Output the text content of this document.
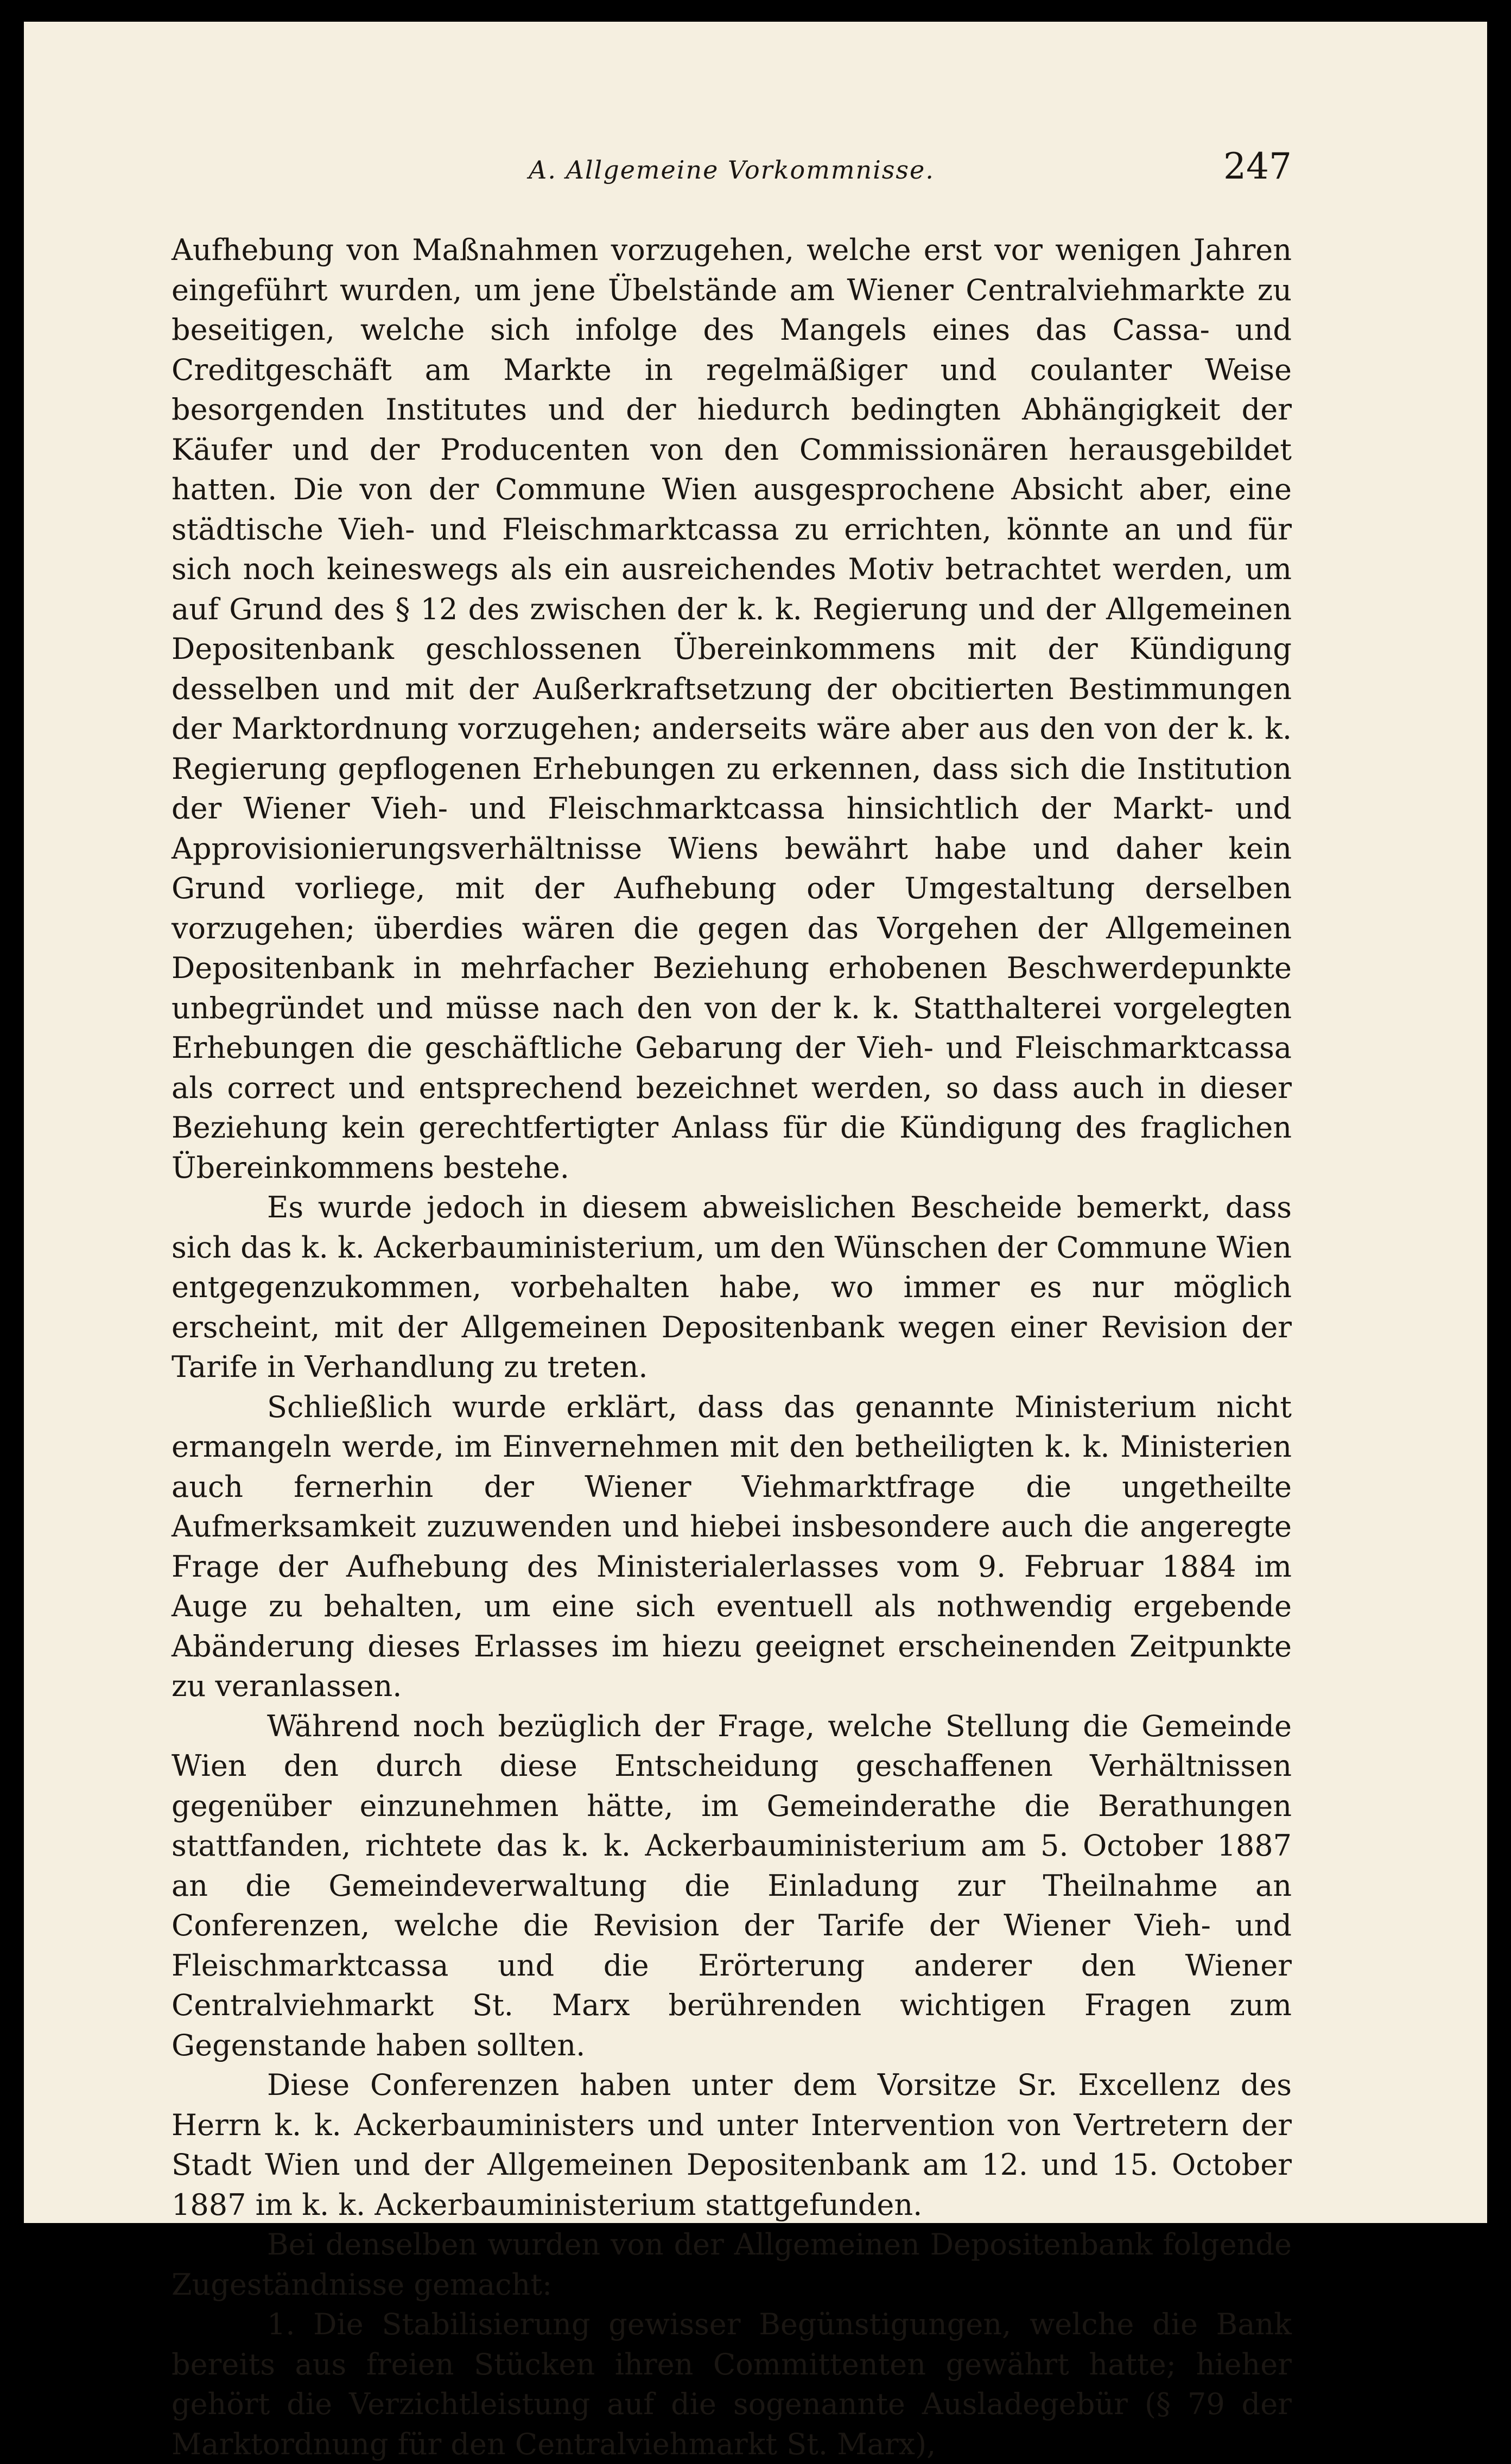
A. Allgemeine Vorkommnisse.	247

Aufhebung von Maßnahmen vorzugehen, welche erst vor wenigen Jahren eingeführt wurden, um jene Übelstände am Wiener Centralviehmarkte zu beseitigen, welche sich infolge des Mangels eines das Cassa- und Creditgeschäft am Markte in regelmäßiger und coulanter Weise besorgenden Institutes und der hiedurch bedingten Abhängigkeit der Käufer und der Producenten von den Commissionären herausgebildet hatten. Die von der Commune Wien ausgesprochene Absicht aber, eine städtische Vieh- und Fleischmarktcassa zu errichten, könnte an und für sich noch keineswegs als ein ausreichendes Motiv betrachtet werden, um auf Grund des § 12 des zwischen der k. k. Regierung und der Allgemeinen Depositenbank geschlossenen Übereinkommens mit der Kündigung desselben und mit der Außerkraftsetzung der obcitierten Bestimmungen der Marktordnung vorzugehen; anderseits wäre aber aus den von der k. k. Regierung gepflogenen Erhebungen zu erkennen, dass sich die Institution der Wiener Vieh- und Fleischmarktcassa hinsichtlich der Markt- und Approvisionierungsverhältnisse Wiens bewährt habe und daher kein Grund vorliege, mit der Aufhebung oder Umgestaltung derselben vorzugehen; überdies wären die gegen das Vorgehen der Allgemeinen Depositenbank in mehrfacher Beziehung erhobenen Beschwerdepunkte unbegründet und müsse nach den von der k. k. Statthalterei vorgelegten Erhebungen die geschäftliche Gebarung der Vieh- und Fleischmarktcassa als correct und entsprechend bezeichnet werden, so dass auch in dieser Beziehung kein gerechtfertigter Anlass für die Kündigung des fraglichen Übereinkommens bestehe.

Es wurde jedoch in diesem abweislichen Bescheide bemerkt, dass sich das k. k. Ackerbauministerium, um den Wünschen der Commune Wien entgegenzukommen, vorbehalten habe, wo immer es nur möglich erscheint, mit der Allgemeinen Depositenbank wegen einer Revision der Tarife in Verhandlung zu treten.

Schließlich wurde erklärt, dass das genannte Ministerium nicht ermangeln werde, im Einvernehmen mit den betheiligten k. k. Ministerien auch fernerhin der Wiener Viehmarktfrage die ungetheilte Aufmerksamkeit zuzuwenden und hiebei insbesondere auch die angeregte Frage der Aufhebung des Ministerialerlasses vom 9. Februar 1884 im Auge zu behalten, um eine sich eventuell als nothwendig ergebende Abänderung dieses Erlasses im hiezu geeignet erscheinenden Zeitpunkte zu veranlassen.

Während noch bezüglich der Frage, welche Stellung die Gemeinde Wien den durch diese Entscheidung geschaffenen Verhältnissen gegenüber einzunehmen hätte, im Gemeinderathe die Berathungen stattfanden, richtete das k. k. Ackerbauministerium am 5. October 1887 an die Gemeindeverwaltung die Einladung zur Theilnahme an Conferenzen, welche die Revision der Tarife der Wiener Vieh- und Fleischmarktcassa und die Erörterung anderer den Wiener Centralviehmarkt St. Marx berührenden wichtigen Fragen zum Gegenstande haben sollten.

Diese Conferenzen haben unter dem Vorsitze Sr. Excellenz des Herrn k. k. Ackerbauministers und unter Intervention von Vertretern der Stadt Wien und der Allgemeinen Depositenbank am 12. und 15. October 1887 im k. k. Ackerbauministerium stattgefunden.

Bei denselben wurden von der Allgemeinen Depositenbank folgende Zugeständnisse gemacht:

1. Die Stabilisierung gewisser Begünstigungen, welche die Bank bereits aus freien Stücken ihren Committenten gewährt hatte; hieher gehört die Verzichtleistung auf die sogenannte Ausladegebür (§ 79 der Marktordnung für den Centralviehmarkt St. Marx),
